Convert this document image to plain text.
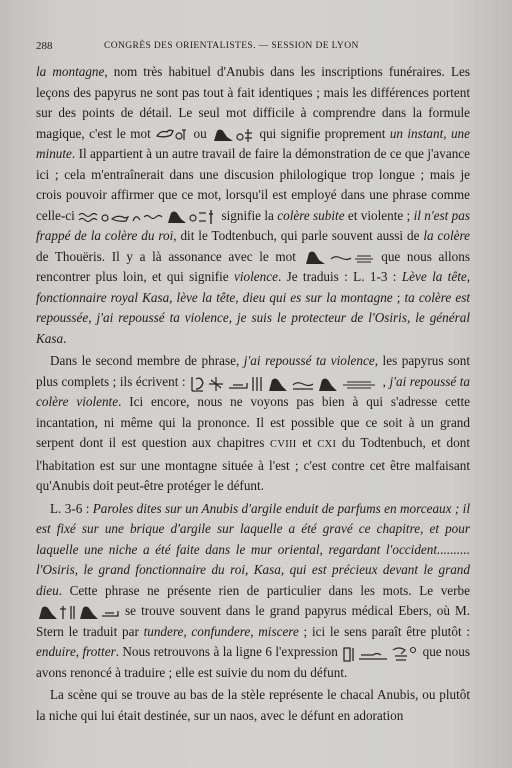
288	CONGRÈS DES ORIENTALISTES. — SESSION DE LYON

la montagne, nom très habituel d'Anubis dans les inscriptions funéraires. Les leçons des papyrus ne sont pas tout à fait identiques ; mais les différences portent sur des points de détail. Le seul mot difficile à comprendre dans la formule magique, c'est le mot	ou	qui signifie proprement un instant, une minute. Il appartient à un autre travail de faire la démonstration de ce que j'avance ici ; cela m'entraînerait dans une discusion philologique trop longue ; mais je crois pouvoir affirmer que ce mot, lorsqu'il est employé dans une phrase comme celle-ci	signifie la colère subite et violente ; il n'est pas frappé de la colère du roi, dit le Todtenbuch, qui parle souvent aussi de la colère de Thouëris. Il y a là assonance avec le mot	que nous allons rencontrer plus loin, et qui signifie violence. Je traduis : L. 1-3 : Lève la tête, fonctionnaire royal Kasa, lève la tête, dieu qui es sur la montagne ; ta colère est repoussée, j'ai repoussé ta violence, je suis le protecteur de l'Osiris, le général Kasa.

Dans le second membre de phrase, j'ai repoussé ta violence, les papyrus sont plus complets ; ils écrivent :	, j'ai repoussé ta colère violente. Ici encore, nous ne voyons pas bien à qui s'adresse cette incantation, ni même qui la prononce. Il est possible que ce soit à un grand serpent dont il est question aux chapitres CVIII et CXI du Todtenbuch, et dont l'habitation est sur une montagne située à l'est ; c'est contre cet être malfaisant qu'Anubis doit peut-être protéger le défunt.

L. 3-6 : Paroles dites sur un Anubis d'argile enduit de parfums en morceaux ; il est fixé sur une brique d'argile sur laquelle a été gravé ce chapitre, et pour laquelle une niche a été faite dans le mur oriental, regardant l'occident.......... l'Osiris, le grand fonctionnaire du roi, Kasa, qui est précieux devant le grand dieu. Cette phrase ne présente rien de particulier dans les mots. Le verbe
se trouve souvent dans le grand papyrus médical Ebers, où M. Stern le traduit par tundere, confundere, miscere ; ici le sens paraît être plutôt : enduire, frotter. Nous retrouvons à la ligne 6 l'expression	que nous avons renoncé à traduire ; elle est suivie du nom du défunt.

La scène qui se trouve au bas de la stèle représente le chacal Anubis, ou plutôt la niche qui lui était destinée, sur un naos, avec le défunt en adoration
